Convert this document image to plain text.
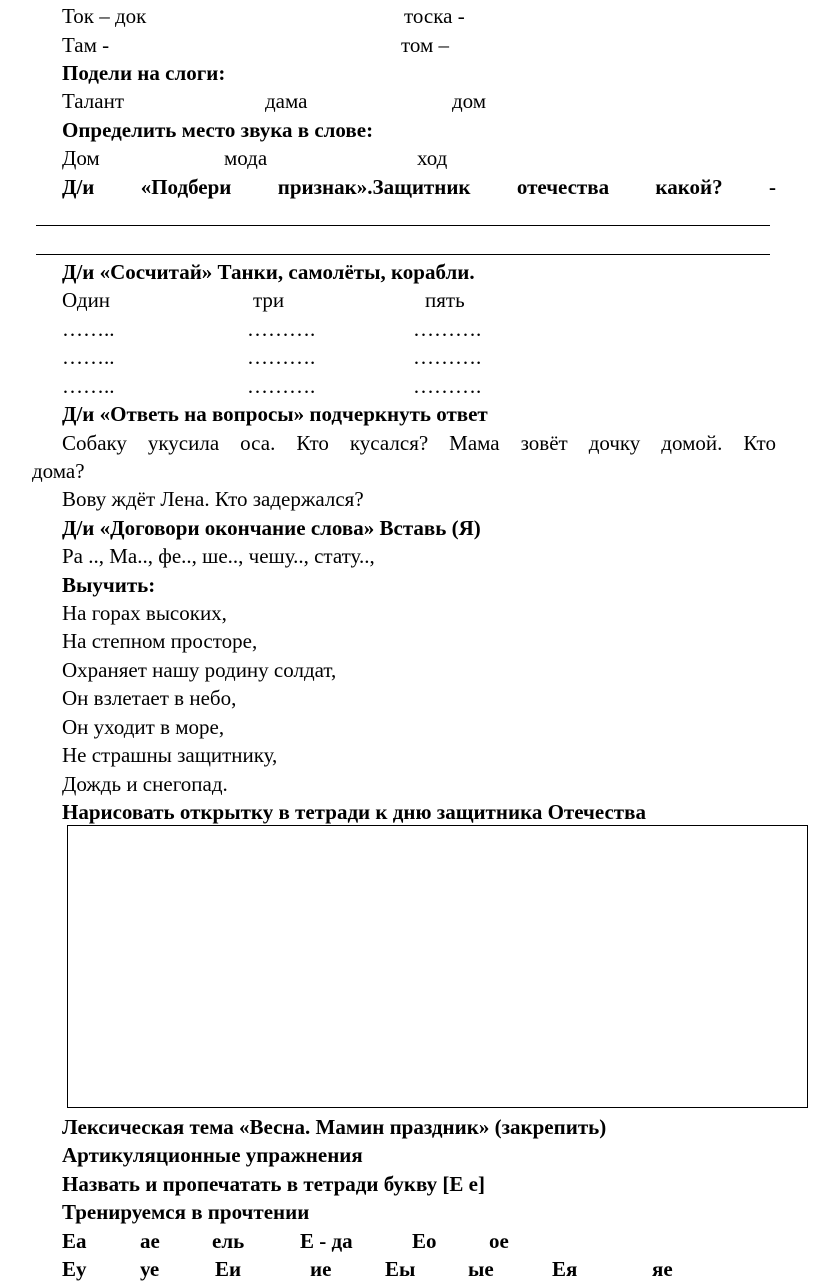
Ток – док	тоска -
Там -	том –
Подели на слоги:
Талант	дама	дом
Определить место звука в слове:
Дом	мода	ход
Д/и «Подбери признак».Защитник отечества какой? -
Д/и «Сосчитай» Танки, самолёты, корабли.
Один	три	пять
……..	……….	……….
……..	……….	……….
……..	……….	……….
Д/и «Ответь на вопросы» подчеркнуть ответ
Собаку укусила оса. Кто кусался? Мама зовёт дочку домой. Кто
дома?
Вову ждёт Лена. Кто задержался?
Д/и «Договори окончание слова» Вставь (Я)
Ра .., Ма.., фе.., ше.., чешу.., стату..,
Выучить:
На горах высоких,
На степном просторе,
Охраняет нашу родину солдат,
Он взлетает в небо,
Он уходит в море,
Не страшны защитнику,
Дождь и снегопад.
Нарисовать открытку в тетради к дню защитника Отечества
Лексическая тема «Весна. Мамин праздник» (закрепить)
Артикуляционные упражнения
Назвать и пропечатать в тетради букву [Е е]
Тренируемся в прочтении
Еа	ае ель	Е - да	Ео ое
Еу	уе	Еи	ие	Еы	ые	Ея	яе
